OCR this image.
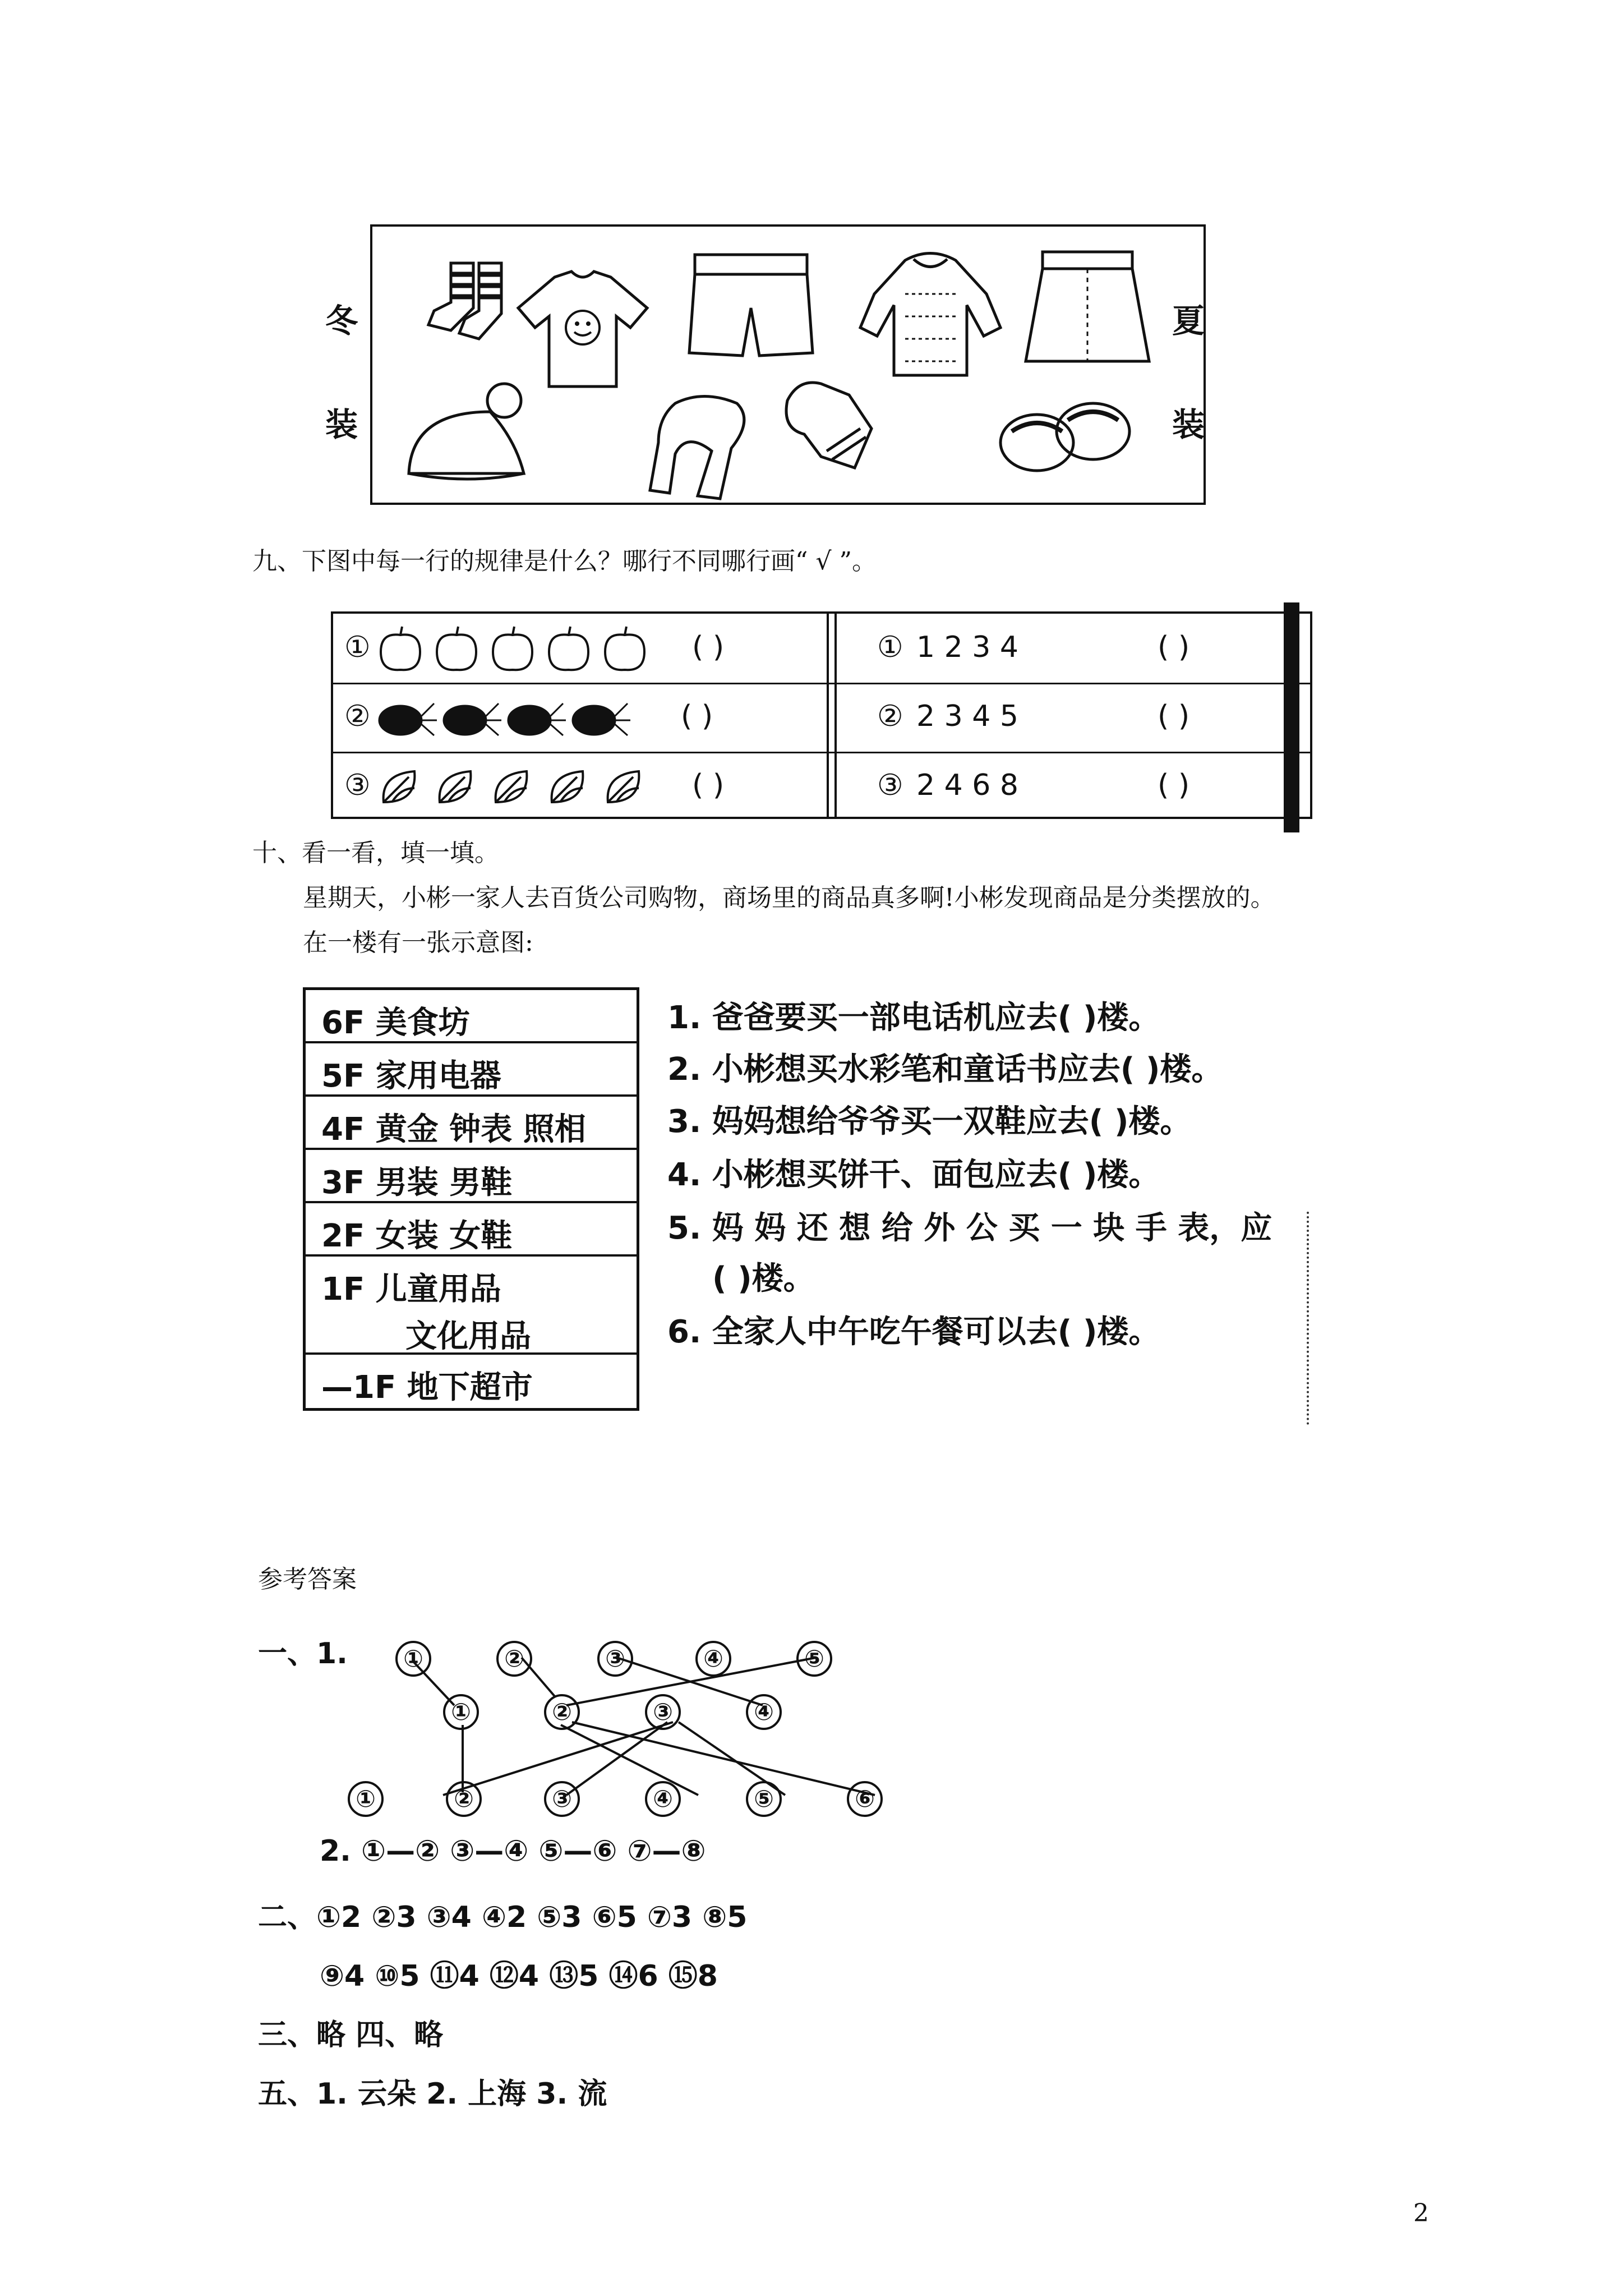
冬
装
夏
装
九、下图中每一行的规律是什么？哪行不同哪行画“ √ ”。
①	( )	① 1 2 3 4	( )
②	( )	② 2 3 4 5	( )
③	( )	③ 2 4 6 8	( )
十、看一看，填一填。
星期天，小彬一家人去百货公司购物，商场里的商品真多啊!小彬发现商品是分类摆放的。
在一楼有一张示意图:
6F 美食坊
5F 家用电器
4F 黄金 钟表 照相
3F 男装 男鞋
2F 女装 女鞋
1F 儿童用品
文化用品
—1F 地下超市
1. 爸爸要买一部电话机应去( )楼。
2. 小彬想买水彩笔和童话书应去( )楼。
3. 妈妈想给爷爷买一双鞋应去( )楼。
4. 小彬想买饼干、面包应去( )楼。
5. 妈 妈 还 想 给 外 公 买 一 块 手 表，应
( )楼。
6. 全家人中午吃午餐可以去( )楼。
参考答案
一、1.	①	②	③	④	⑤
①	②	③	④
①	②	③	④	⑤	⑥
2. ①—② ③—④ ⑤—⑥ ⑦—⑧
二、①2 ②3 ③4 ④2 ⑤3 ⑥5 ⑦3 ⑧5
⑨4 ⑩5 ⑪4 ⑫4 ⑬5 ⑭6 ⑮8
三、略 四、略
五、1. 云朵 2. 上海 3. 流
2
